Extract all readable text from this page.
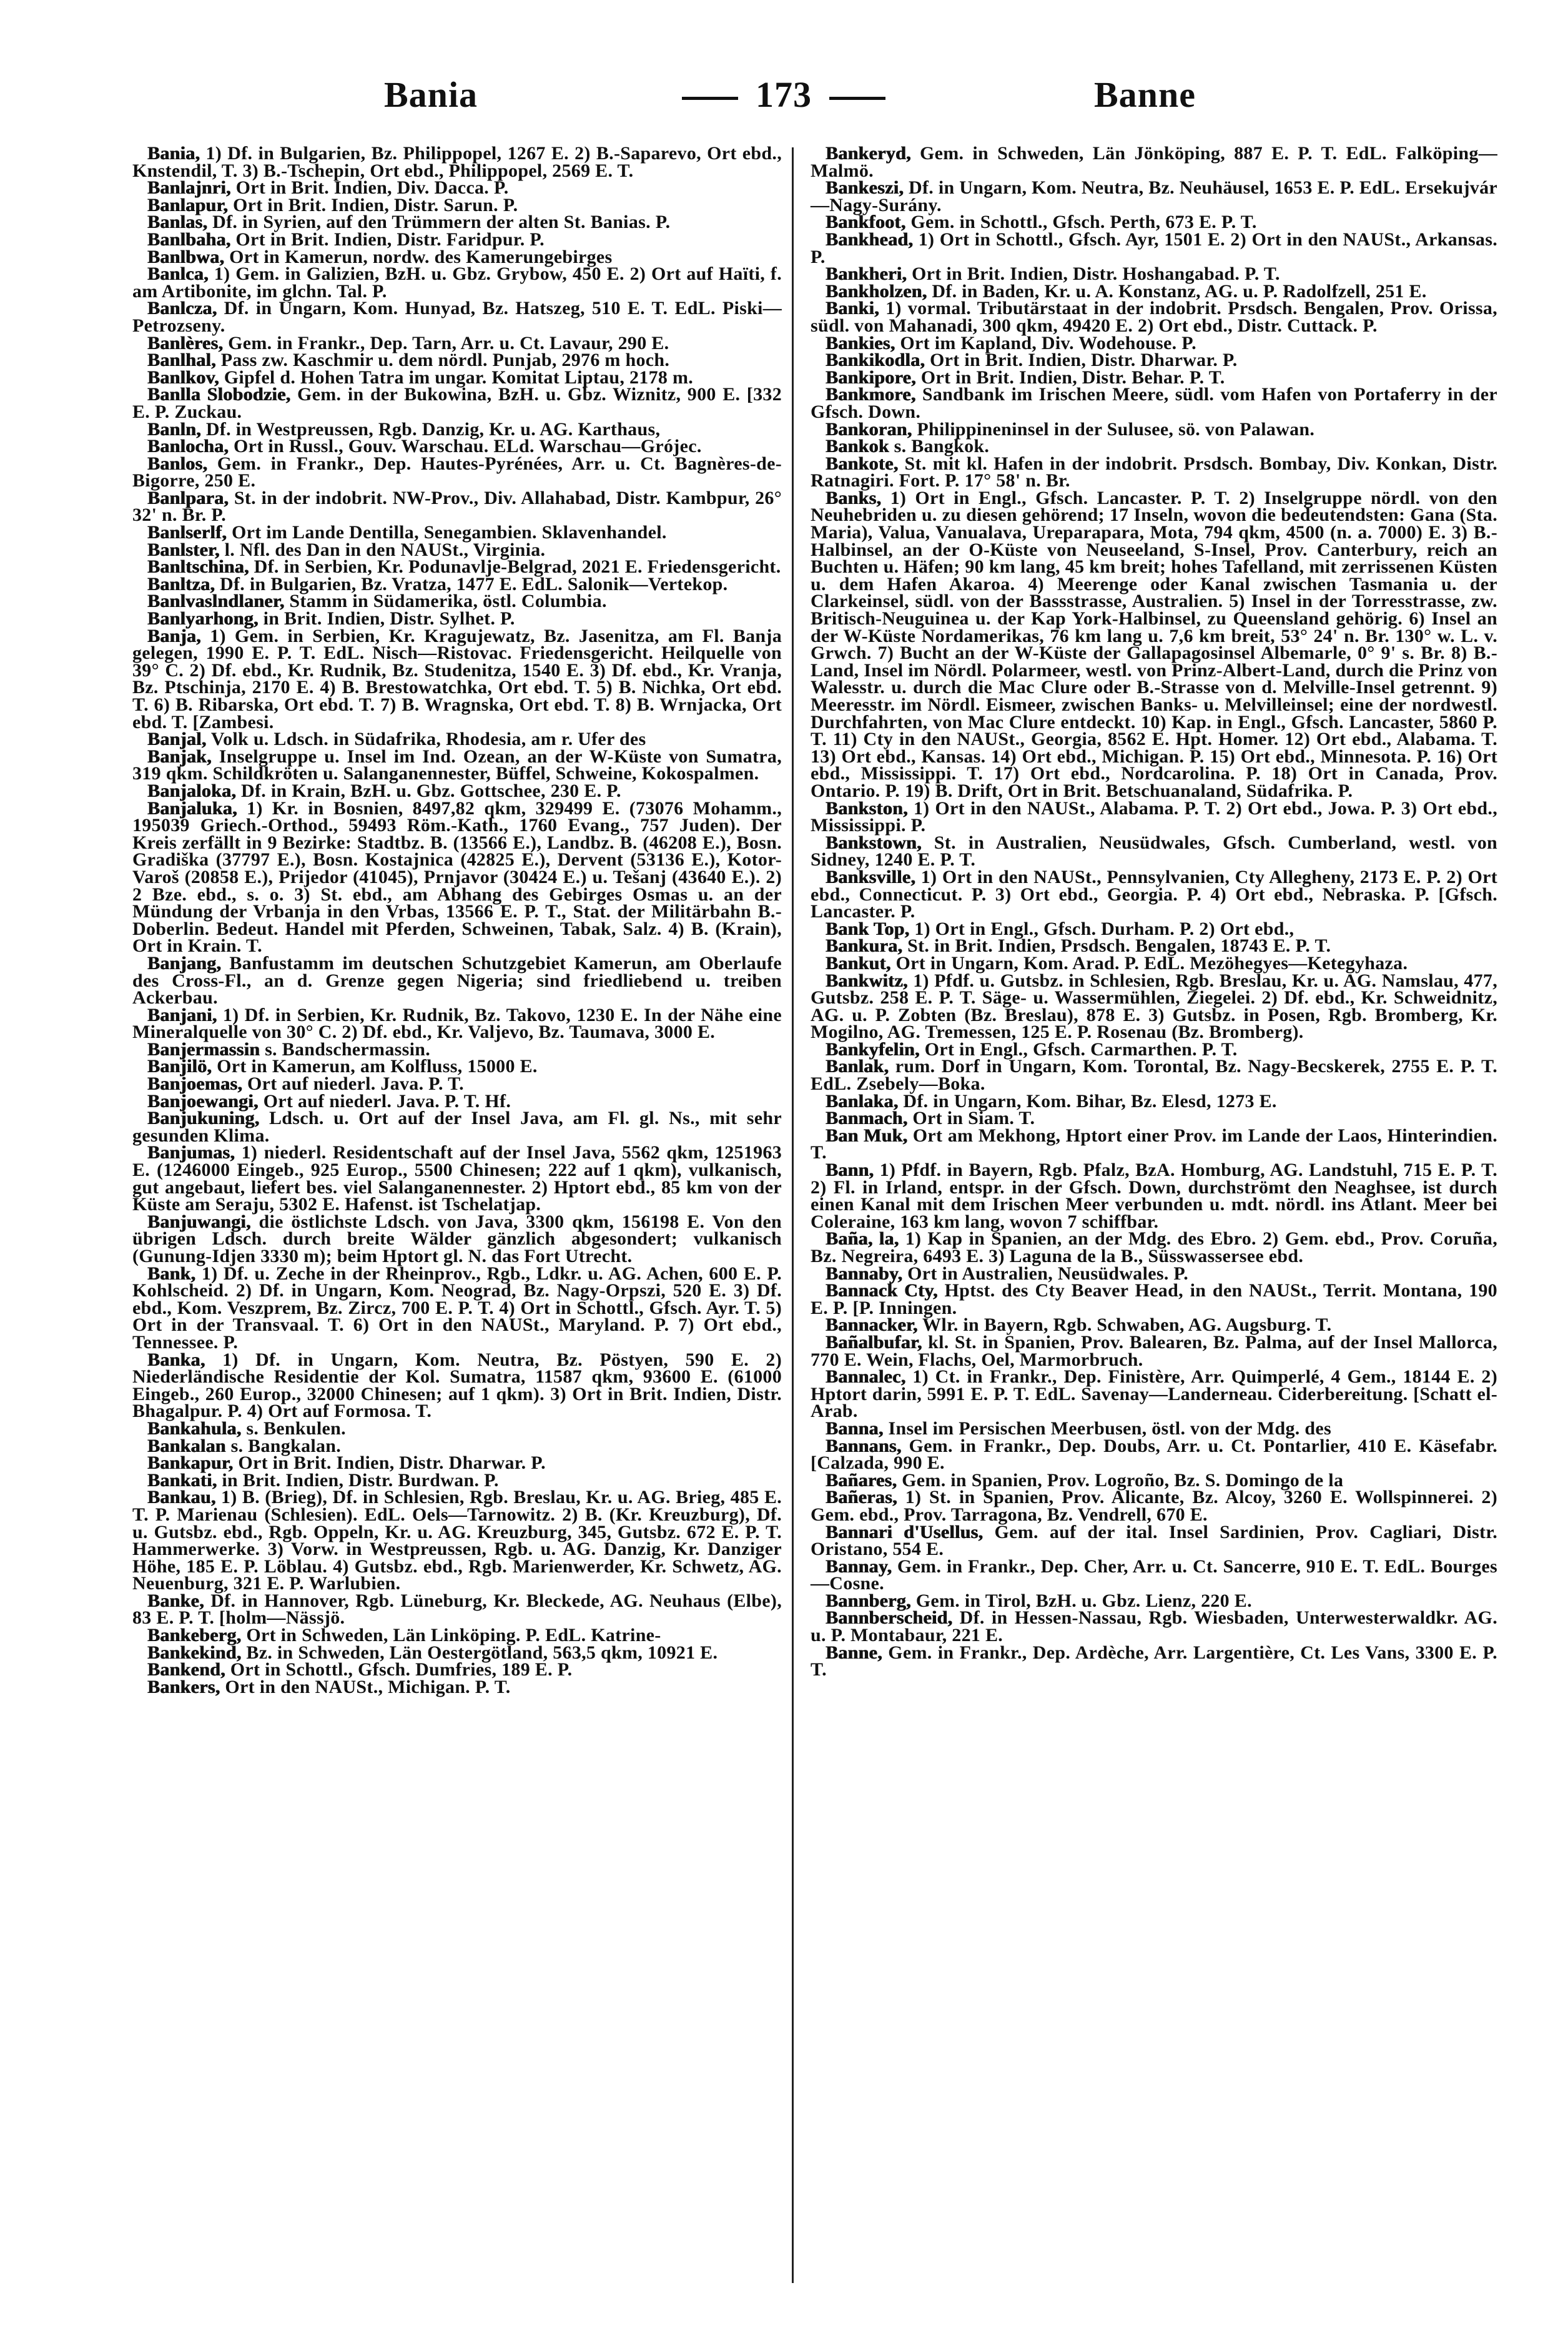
Bania	173	Banne

Bania, 1) Df. in Bulgarien, Bz. Philippopel, 1267 E. 2) B.-Saparevo, Ort ebd., Knstendil, T. 3) B.-Tschepin, Ort ebd., Philippopel, 2569 E. T.

Banlajnri, Ort in Brit. Indien, Div. Dacca. P.

Banlapur, Ort in Brit. Indien, Distr. Sarun. P.

Banlas, Df. in Syrien, auf den Trümmern der alten St. Banias. P.

Banlbaha, Ort in Brit. Indien, Distr. Faridpur. P.

Banlbwa, Ort in Kamerun, nordw. des Kamerungebirges

Banlca, 1) Gem. in Galizien, BzH. u. Gbz. Grybow, 450 E. 2) Ort auf Haïti, f. am Artibonite, im glchn. Tal. P.

Banlcza, Df. in Ungarn, Kom. Hunyad, Bz. Hatszeg, 510 E. T. EdL. Piski—Petrozseny.

Banlères, Gem. in Frankr., Dep. Tarn, Arr. u. Ct. Lavaur, 290 E.

Banlhal, Pass zw. Kaschmir u. dem nördl. Punjab, 2976 m hoch.

Banlkov, Gipfel d. Hohen Tatra im ungar. Komitat Liptau, 2178 m.

Banlla Slobodzie, Gem. in der Bukowina, BzH. u. Gbz. Wiznitz, 900 E. [332 E. P. Zuckau.

Banln, Df. in Westpreussen, Rgb. Danzig, Kr. u. AG. Karthaus,

Banlocha, Ort in Russl., Gouv. Warschau. ELd. Warschau—Grójec.

Banlos, Gem. in Frankr., Dep. Hautes-Pyrénées, Arr. u. Ct. Bagnères-de-Bigorre, 250 E.

Banlpara, St. in der indobrit. NW-Prov., Div. Allahabad, Distr. Kambpur, 26° 32' n. Br. P.

Banlserlf, Ort im Lande Dentilla, Senegambien. Sklavenhandel.

Banlster, l. Nfl. des Dan in den NAUSt., Virginia.

Banltschina, Df. in Serbien, Kr. Podunavlje-Belgrad, 2021 E. Friedensgericht.

Banltza, Df. in Bulgarien, Bz. Vratza, 1477 E. EdL. Salonik—Vertekop.

Banlvaslndlaner, Stamm in Südamerika, östl. Columbia.

Banlyarhong, in Brit. Indien, Distr. Sylhet. P.

Banja, 1) Gem. in Serbien, Kr. Kragujewatz, Bz. Jasenitza, am Fl. Banja gelegen, 1990 E. P. T. EdL. Nisch—Ristovac. Friedensgericht. Heilquelle von 39° C. 2) Df. ebd., Kr. Rudnik, Bz. Studenitza, 1540 E. 3) Df. ebd., Kr. Vranja, Bz. Ptschinja, 2170 E. 4) B. Brestowatchka, Ort ebd. T. 5) B. Nichka, Ort ebd. T. 6) B. Ribarska, Ort ebd. T. 7) B. Wragnska, Ort ebd. T. 8) B. Wrnjacka, Ort ebd. T. [Zambesi.

Banjal, Volk u. Ldsch. in Südafrika, Rhodesia, am r. Ufer des

Banjak, Inselgruppe u. Insel im Ind. Ozean, an der W-Küste von Sumatra, 319 qkm. Schildkröten u. Salanganennester, Büffel, Schweine, Kokospalmen.

Banjaloka, Df. in Krain, BzH. u. Gbz. Gottschee, 230 E. P.

Banjaluka, 1) Kr. in Bosnien, 8497,82 qkm, 329499 E. (73076 Mohamm., 195039 Griech.-Orthod., 59493 Röm.-Kath., 1760 Evang., 757 Juden). Der Kreis zerfällt in 9 Bezirke: Stadtbz. B. (13566 E.), Landbz. B. (46208 E.), Bosn. Gradiška (37797 E.), Bosn. Kostajnica (42825 E.), Dervent (53136 E.), Kotor-Varoš (20858 E.), Prijedor (41045), Prnjavor (30424 E.) u. Tešanj (43640 E.). 2) 2 Bze. ebd., s. o. 3) St. ebd., am Abhang des Gebirges Osmas u. an der Mündung der Vrbanja in den Vrbas, 13566 E. P. T., Stat. der Militärbahn B.-Doberlin. Bedeut. Handel mit Pferden, Schweinen, Tabak, Salz. 4) B. (Krain), Ort in Krain. T.

Banjang, Banfustamm im deutschen Schutzgebiet Kamerun, am Oberlaufe des Cross-Fl., an d. Grenze gegen Nigeria; sind friedliebend u. treiben Ackerbau.

Banjani, 1) Df. in Serbien, Kr. Rudnik, Bz. Takovo, 1230 E. In der Nähe eine Mineralquelle von 30° C. 2) Df. ebd., Kr. Valjevo, Bz. Taumava, 3000 E.

Banjermassin s. Bandschermassin.

Banjilö, Ort in Kamerun, am Kolfluss, 15000 E.

Banjoemas, Ort auf niederl. Java. P. T.

Banjoewangi, Ort auf niederl. Java. P. T. Hf.

Banjukuning, Ldsch. u. Ort auf der Insel Java, am Fl. gl. Ns., mit sehr gesunden Klima.

Banjumas, 1) niederl. Residentschaft auf der Insel Java, 5562 qkm, 1251963 E. (1246000 Eingeb., 925 Europ., 5500 Chinesen; 222 auf 1 qkm), vulkanisch, gut angebaut, liefert bes. viel Salanganennester. 2) Hptort ebd., 85 km von der Küste am Seraju, 5302 E. Hafenst. ist Tschelatjap.

Banjuwangi, die östlichste Ldsch. von Java, 3300 qkm, 156198 E. Von den übrigen Ldsch. durch breite Wälder gänzlich abgesondert; vulkanisch (Gunung-Idjen 3330 m); beim Hptort gl. N. das Fort Utrecht.

Bank, 1) Df. u. Zeche in der Rheinprov., Rgb., Ldkr. u. AG. Achen, 600 E. P. Kohlscheid. 2) Df. in Ungarn, Kom. Neograd, Bz. Nagy-Orpszi, 520 E. 3) Df. ebd., Kom. Veszprem, Bz. Zircz, 700 E. P. T. 4) Ort in Schottl., Gfsch. Ayr. T. 5) Ort in der Transvaal. T. 6) Ort in den NAUSt., Maryland. P. 7) Ort ebd., Tennessee. P.

Banka, 1) Df. in Ungarn, Kom. Neutra, Bz. Pöstyen, 590 E. 2) Niederländische Residentie der Kol. Sumatra, 11587 qkm, 93600 E. (61000 Eingeb., 260 Europ., 32000 Chinesen; auf 1 qkm). 3) Ort in Brit. Indien, Distr. Bhagalpur. P. 4) Ort auf Formosa. T.

Bankahula, s. Benkulen.

Bankalan s. Bangkalan.

Bankapur, Ort in Brit. Indien, Distr. Dharwar. P.

Bankati, in Brit. Indien, Distr. Burdwan. P.

Bankau, 1) B. (Brieg), Df. in Schlesien, Rgb. Breslau, Kr. u. AG. Brieg, 485 E. T. P. Marienau (Schlesien). EdL. Oels—Tarnowitz. 2) B. (Kr. Kreuzburg), Df. u. Gutsbz. ebd., Rgb. Oppeln, Kr. u. AG. Kreuzburg, 345, Gutsbz. 672 E. P. T. Hammerwerke. 3) Vorw. in Westpreussen, Rgb. u. AG. Danzig, Kr. Danziger Höhe, 185 E. P. Löblau. 4) Gutsbz. ebd., Rgb. Marienwerder, Kr. Schwetz, AG. Neuenburg, 321 E. P. Warlubien.

Banke, Df. in Hannover, Rgb. Lüneburg, Kr. Bleckede, AG. Neuhaus (Elbe), 83 E. P. T. [holm—Nässjö.

Bankeberg, Ort in Schweden, Län Linköping. P. EdL. Katrine-

Bankekind, Bz. in Schweden, Län Oestergötland, 563,5 qkm, 10921 E.

Bankend, Ort in Schottl., Gfsch. Dumfries, 189 E. P.

Bankers, Ort in den NAUSt., Michigan. P. T.

Bankeryd, Gem. in Schweden, Län Jönköping, 887 E. P. T. EdL. Falköping—Malmö.

Bankeszi, Df. in Ungarn, Kom. Neutra, Bz. Neuhäusel, 1653 E. P. EdL. Ersekujvár—Nagy-Surány.

Bankfoot, Gem. in Schottl., Gfsch. Perth, 673 E. P. T.

Bankhead, 1) Ort in Schottl., Gfsch. Ayr, 1501 E. 2) Ort in den NAUSt., Arkansas. P.

Bankheri, Ort in Brit. Indien, Distr. Hoshangabad. P. T.

Bankholzen, Df. in Baden, Kr. u. A. Konstanz, AG. u. P. Radolfzell, 251 E.

Banki, 1) vormal. Tributärstaat in der indobrit. Prsdsch. Bengalen, Prov. Orissa, südl. von Mahanadi, 300 qkm, 49420 E. 2) Ort ebd., Distr. Cuttack. P.

Bankies, Ort im Kapland, Div. Wodehouse. P.

Bankikodla, Ort in Brit. Indien, Distr. Dharwar. P.

Bankipore, Ort in Brit. Indien, Distr. Behar. P. T.

Bankmore, Sandbank im Irischen Meere, südl. vom Hafen von Portaferry in der Gfsch. Down.

Bankoran, Philippineninsel in der Sulusee, sö. von Palawan.

Bankok s. Bangkok.

Bankote, St. mit kl. Hafen in der indobrit. Prsdsch. Bombay, Div. Konkan, Distr. Ratnagiri. Fort. P. 17° 58' n. Br.

Banks, 1) Ort in Engl., Gfsch. Lancaster. P. T. 2) Inselgruppe nördl. von den Neuhebriden u. zu diesen gehörend; 17 Inseln, wovon die bedeutendsten: Gana (Sta. Maria), Valua, Vanualava, Ureparapara, Mota, 794 qkm, 4500 (n. a. 7000) E. 3) B.-Halbinsel, an der O-Küste von Neuseeland, S-Insel, Prov. Canterbury, reich an Buchten u. Häfen; 90 km lang, 45 km breit; hohes Tafelland, mit zerrissenen Küsten u. dem Hafen Akaroa. 4) Meerenge oder Kanal zwischen Tasmania u. der Clarkeinsel, südl. von der Bassstrasse, Australien. 5) Insel in der Torresstrasse, zw. Britisch-Neuguinea u. der Kap York-Halbinsel, zu Queensland gehörig. 6) Insel an der W-Küste Nordamerikas, 76 km lang u. 7,6 km breit, 53° 24' n. Br. 130° w. L. v. Grwch. 7) Bucht an der W-Küste der Gallapagosinsel Albemarle, 0° 9' s. Br. 8) B.-Land, Insel im Nördl. Polarmeer, westl. von Prinz-Albert-Land, durch die Prinz von Walesstr. u. durch die Mac Clure oder B.-Strasse von d. Melville-Insel getrennt. 9) Meeresstr. im Nördl. Eismeer, zwischen Banks- u. Melvilleinsel; eine der nordwestl. Durchfahrten, von Mac Clure entdeckt. 10) Kap. in Engl., Gfsch. Lancaster, 5860 P. T. 11) Cty in den NAUSt., Georgia, 8562 E. Hpt. Homer. 12) Ort ebd., Alabama. T. 13) Ort ebd., Kansas. 14) Ort ebd., Michigan. P. 15) Ort ebd., Minnesota. P. 16) Ort ebd., Mississippi. T. 17) Ort ebd., Nordcarolina. P. 18) Ort in Canada, Prov. Ontario. P. 19) B. Drift, Ort in Brit. Betschuanaland, Südafrika. P.

Bankston, 1) Ort in den NAUSt., Alabama. P. T. 2) Ort ebd., Jowa. P. 3) Ort ebd., Mississippi. P.

Bankstown, St. in Australien, Neusüdwales, Gfsch. Cumberland, westl. von Sidney, 1240 E. P. T.

Banksville, 1) Ort in den NAUSt., Pennsylvanien, Cty Allegheny, 2173 E. P. 2) Ort ebd., Connecticut. P. 3) Ort ebd., Georgia. P. 4) Ort ebd., Nebraska. P. [Gfsch. Lancaster. P.

Bank Top, 1) Ort in Engl., Gfsch. Durham. P. 2) Ort ebd.,

Bankura, St. in Brit. Indien, Prsdsch. Bengalen, 18743 E. P. T.

Bankut, Ort in Ungarn, Kom. Arad. P. EdL. Mezöhegyes—Ketegyhaza.

Bankwitz, 1) Pfdf. u. Gutsbz. in Schlesien, Rgb. Breslau, Kr. u. AG. Namslau, 477, Gutsbz. 258 E. P. T. Säge- u. Wassermühlen, Ziegelei. 2) Df. ebd., Kr. Schweidnitz, AG. u. P. Zobten (Bz. Breslau), 878 E. 3) Gutsbz. in Posen, Rgb. Bromberg, Kr. Mogilno, AG. Tremessen, 125 E. P. Rosenau (Bz. Bromberg).

Bankyfelin, Ort in Engl., Gfsch. Carmarthen. P. T.

Banlak, rum. Dorf in Ungarn, Kom. Torontal, Bz. Nagy-Becskerek, 2755 E. P. T. EdL. Zsebely—Boka.

Banlaka, Df. in Ungarn, Kom. Bihar, Bz. Elesd, 1273 E.

Banmach, Ort in Siam. T.

Ban Muk, Ort am Mekhong, Hptort einer Prov. im Lande der Laos, Hinterindien. T.

Bann, 1) Pfdf. in Bayern, Rgb. Pfalz, BzA. Homburg, AG. Landstuhl, 715 E. P. T. 2) Fl. in Irland, entspr. in der Gfsch. Down, durchströmt den Neaghsee, ist durch einen Kanal mit dem Irischen Meer verbunden u. mdt. nördl. ins Atlant. Meer bei Coleraine, 163 km lang, wovon 7 schiffbar.

Baña, la, 1) Kap in Spanien, an der Mdg. des Ebro. 2) Gem. ebd., Prov. Coruña, Bz. Negreira, 6493 E. 3) Laguna de la B., Süsswassersee ebd.

Bannaby, Ort in Australien, Neusüdwales. P.

Bannack Cty, Hptst. des Cty Beaver Head, in den NAUSt., Territ. Montana, 190 E. P. [P. Inningen.

Bannacker, Wlr. in Bayern, Rgb. Schwaben, AG. Augsburg. T.

Bañalbufar, kl. St. in Spanien, Prov. Balearen, Bz. Palma, auf der Insel Mallorca, 770 E. Wein, Flachs, Oel, Marmorbruch.

Bannalec, 1) Ct. in Frankr., Dep. Finistère, Arr. Quimperlé, 4 Gem., 18144 E. 2) Hptort darin, 5991 E. P. T. EdL. Savenay—Landerneau. Ciderbereitung. [Schatt el-Arab.

Banna, Insel im Persischen Meerbusen, östl. von der Mdg. des

Bannans, Gem. in Frankr., Dep. Doubs, Arr. u. Ct. Pontarlier, 410 E. Käsefabr. [Calzada, 990 E.

Bañares, Gem. in Spanien, Prov. Logroño, Bz. S. Domingo de la

Bañeras, 1) St. in Spanien, Prov. Alicante, Bz. Alcoy, 3260 E. Wollspinnerei. 2) Gem. ebd., Prov. Tarragona, Bz. Vendrell, 670 E.

Bannari d'Usellus, Gem. auf der ital. Insel Sardinien, Prov. Cagliari, Distr. Oristano, 554 E.

Bannay, Gem. in Frankr., Dep. Cher, Arr. u. Ct. Sancerre, 910 E. T. EdL. Bourges—Cosne.

Bannberg, Gem. in Tirol, BzH. u. Gbz. Lienz, 220 E.

Bannberscheid, Df. in Hessen-Nassau, Rgb. Wiesbaden, Unterwesterwaldkr. AG. u. P. Montabaur, 221 E.

Banne, Gem. in Frankr., Dep. Ardèche, Arr. Largentière, Ct. Les Vans, 3300 E. P. T.
